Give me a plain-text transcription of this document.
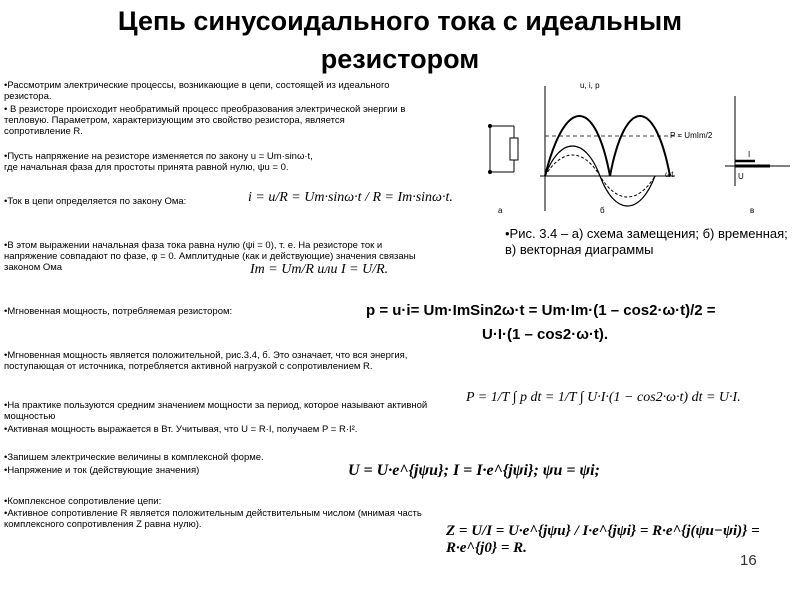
Цепь синусоидального тока с идеальным
резистором
•Рассмотрим электрические процессы, возникающие в цепи, состоящей из идеального резистора.
• В резисторе происходит необратимый процесс преобразования электрической энергии в тепловую. Параметром, характеризующим это свойство резистора, является сопротивление R.
•Пусть напряжение на резисторе изменяется по закону u = Um·sinω·t,
где начальная фаза для простоты принята равной нулю, ψu = 0.
•Ток в цепи определяется по закону Ома:
•В этом выражении начальная фаза тока равна нулю (ψi = 0), т. е. На резисторе ток и напряжение совпадают по фазе, φ = 0. Амплитудные (как и действующие) значения связаны законом Ома
•Мгновенная мощность, потребляемая резистором:
•Мгновенная мощность является положительной, рис.3.4, б. Это означает, что вся энергия, поступающая от источника, потребляется активной нагрузкой с сопротивлением R.
•На практике пользуются средним значением мощности за период, которое называют активной мощностью
•Активная мощность выражается в Вт. Учитывая, что U = R·I, получаем P = R·I².
•Запишем электрические величины в комплексной форме.
•Напряжение и ток (действующие значения)
•Комплексное сопротивление цепи:
•Активное сопротивление R является положительным действительным числом (мнимая часть комплексного сопротивления Z равна нулю).
i = u/R = Um·sinω·t / R = Im·sinω·t.
Im = Um/R или I = U/R.
p = u·i= Um·ImSin2ω·t = Um·Im·(1 – cos2·ω·t)/2 =
U·I·(1 – cos2·ω·t).
P = 1/T ∫ p dt = 1/T ∫ U·I·(1 − cos2·ω·t) dt = U·I.
U = U·e^{jψu}; I = I·e^{jψi}; ψu = ψi;
Z = U/I = U·e^{jψu} / I·e^{jψi} = R·e^{j(ψu−ψi)} = R·e^{j0} = R.
u, i, p
ωt
P = UmIm/2
U
I
а	б	в
•Рис. 3.4 – а) схема замещения; б) временная; в) векторная диаграммы
16
